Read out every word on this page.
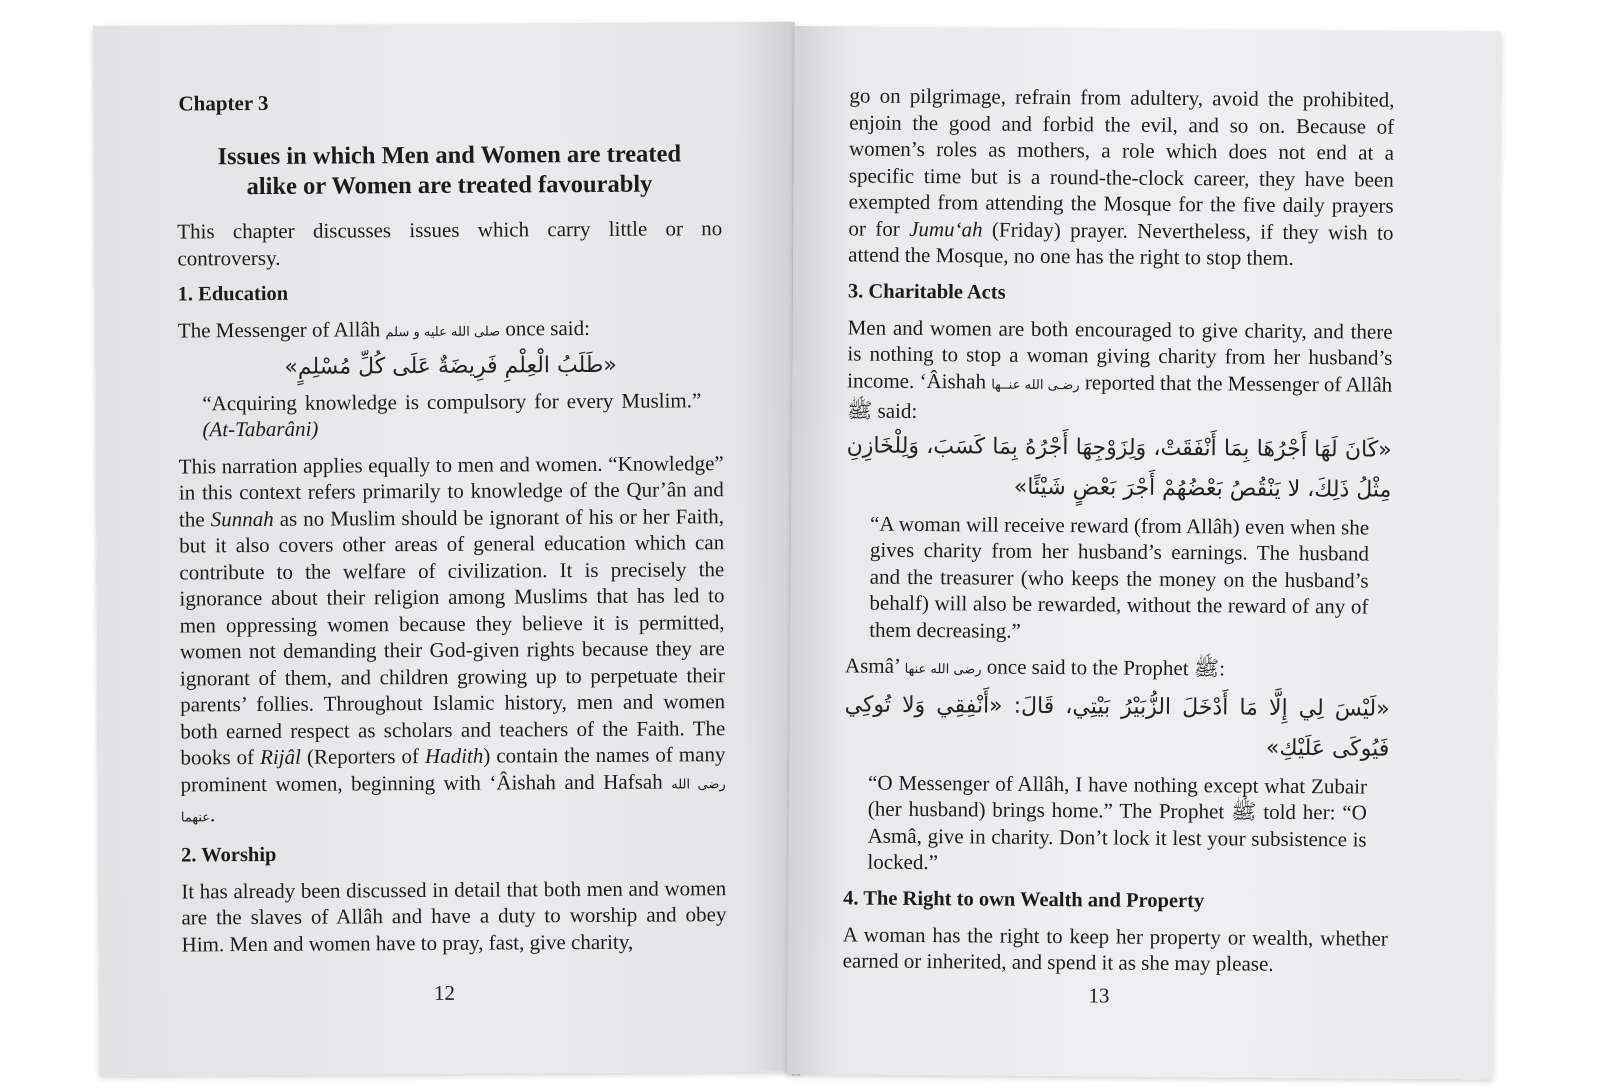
Chapter 3
Issues in which Men and Women are treated
alike or Women are treated favourably

This chapter discusses issues which carry little or no controversy.

1. Education

The Messenger of Allâh صلى الله عليه و سلم once said:

«طَلَبُ الْعِلْمِ فَرِيضَةٌ عَلَى كُلِّ مُسْلِمٍ»

“Acquiring knowledge is compulsory for every Muslim.” (At-Tabarâni)

This narration applies equally to men and women. “Knowledge” in this context refers primarily to knowledge of the Qur’ân and the Sunnah as no Muslim should be ignorant of his or her Faith, but it also covers other areas of general education which can contribute to the welfare of civilization. It is precisely the ignorance about their religion among Muslims that has led to men oppressing women because they believe it is permitted, women not demanding their God-given rights because they are ignorant of them, and children growing up to perpetuate their parents’ follies. Throughout Islamic history, men and women both earned respect as scholars and teachers of the Faith. The books of Rijâl (Reporters of Hadith) contain the names of many prominent women, beginning with ‘Âishah and Hafsah رضى الله عنهما.

2. Worship

It has already been discussed in detail that both men and women are the slaves of Allâh and have a duty to worship and obey Him. Men and women have to pray, fast, give charity,

12

go on pilgrimage, refrain from adultery, avoid the prohibited, enjoin the good and forbid the evil, and so on. Because of women’s roles as mothers, a role which does not end at a specific time but is a round-the-clock career, they have been exempted from attending the Mosque for the five daily prayers or for Jumu‘ah (Friday) prayer. Nevertheless, if they wish to attend the Mosque, no one has the right to stop them.

3. Charitable Acts

Men and women are both encouraged to give charity, and there is nothing to stop a woman giving charity from her husband’s income. ‘Âishah رضـى الله عنــها reported that the Messenger of Allâh ﷺ said:

«كَانَ لَهَا أَجْرُهَا بِمَا أَنْفَقَتْ، وَلِزَوْجِهَا أَجْرُهُ بِمَا كَسَبَ، وَلِلْخَازِنِ مِثْلُ ذَلِكَ، لا يَنْقُصُ بَعْضُهُمْ أَجْرَ بَعْضٍ شَيْئًا»

“A woman will receive reward (from Allâh) even when she gives charity from her husband’s earnings. The husband and the treasurer (who keeps the money on the husband’s behalf) will also be rewarded, without the reward of any of them decreasing.”

Asmâ’ رضى الله عنها once said to the Prophet ﷺ:

«لَيْسَ لِي إِلَّا مَا أَدْخَلَ الزُّبَيْرُ بَيْتِي، قَالَ: «أَنْفِقِي وَلا تُوكِي فَيُوكَى عَلَيْكِ»

“O Messenger of Allâh, I have nothing except what Zubair (her husband) brings home.” The Prophet ﷺ told her: “O Asmâ, give in charity. Don’t lock it lest your subsistence is locked.”

4. The Right to own Wealth and Property

A woman has the right to keep her property or wealth, whether earned or inherited, and spend it as she may please.

13
